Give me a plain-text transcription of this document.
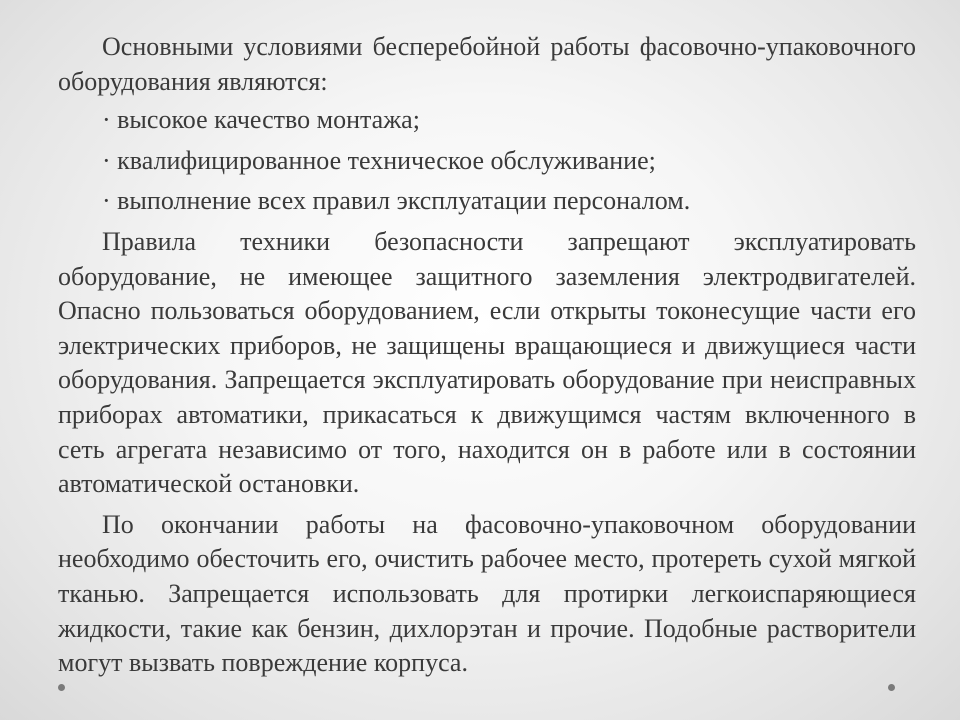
Основными условиями бесперебойной работы фасовочно-упаковочного оборудования являются:

· высокое качество монтажа;

· квалифицированное техническое обслуживание;

· выполнение всех правил эксплуатации персоналом.

Правила техники безопасности запрещают эксплуатировать оборудование, не имеющее защитного заземления электродвигателей. Опасно пользоваться оборудованием, если открыты токонесущие части его электрических приборов, не защищены вращающиеся и движущиеся части оборудования. Запрещается эксплуатировать оборудование при неисправных приборах автоматики, прикасаться к движущимся частям включенного в сеть агрегата независимо от того, находится он в работе или в состоянии автоматической остановки.

По окончании работы на фасовочно-упаковочном оборудовании необходимо обесточить его, очистить рабочее место, протереть сухой мягкой тканью. Запрещается использовать для протирки легкоиспаряющиеся жидкости, такие как бензин, дихлорэтан и прочие. Подобные растворители могут вызвать повреждение корпуса.
